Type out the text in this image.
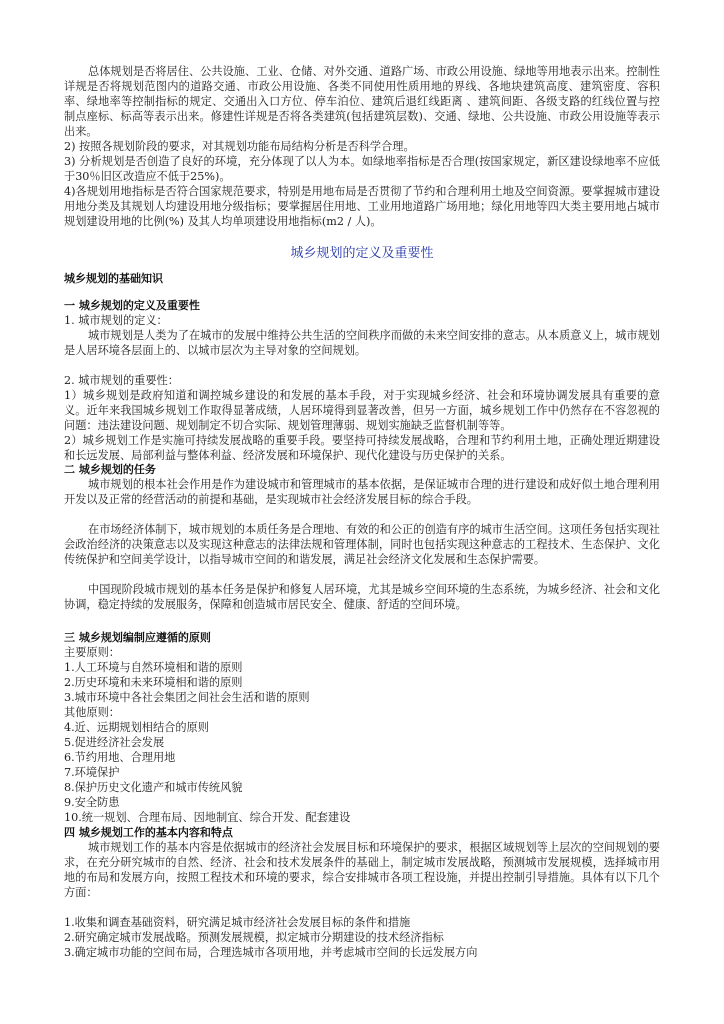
总体规划是否将居住、公共设施、工业、仓储、对外交通、道路广场、市政公用设施、绿地等用地表示出来。控制性详规是否将规划范图内的道路交通、市政公用设施、各类不同使用性质用地的界线、各地块建筑高度、建筑密度、容积率、绿地率等控制指标的规定、交通出入口方位、停车泊位、建筑后退红线距离 、建筑间距、各级支路的红线位置与控制点座标、标高等表示出来。修建性详规是否将各类建筑(包括建筑层数)、交通、绿地、公共设施、市政公用设施等表示出来。

2) 按照各规划阶段的要求，对其规划功能布局结构分析是否科学合理。

3) 分析规划是否创造了良好的环境，充分体现了以人为本。如绿地率指标是否合理(按国家规定，新区建设绿地率不应低于30％旧区改造应不低于25%)。

4)各规划用地指标是否符合国家规范要求，特别是用地布局是否贯彻了节约和合理利用土地及空间资源。要掌握城市建设用地分类及其规划人均建设用地分级指标；要掌握居住用地、工业用地道路广场用地；绿化用地等四大类主要用地占城市规划建设用地的比例(%) 及其人均单项建设用地指标(m2 / 人)。

城乡规划的定义及重要性

城乡规划的基础知识

一 城乡规划的定义及重要性

1. 城市规划的定义：

城市规划是人类为了在城市的发展中维持公共生活的空间秩序而做的未来空间安排的意志。从本质意义上，城市规划是人居环境各层面上的、以城市层次为主导对象的空间规划。

2. 城市规划的重要性：

1）城乡规划是政府知道和调控城乡建设的和发展的基本手段，对于实现城乡经济、社会和环境协调发展具有重要的意义。近年来我国城乡规划工作取得显著成绩，人居环境得到显著改善，但另一方面，城乡规划工作中仍然存在不容忽视的问题：违法建设问题、规划制定不切合实际、规划管理薄弱、规划实施缺乏监督机制等等。

2）城乡规划工作是实施可持续发展战略的重要手段。要坚持可持续发展战略，合理和节约利用土地，正确处理近期建设和长远发展、局部利益与整体利益、经济发展和环境保护、现代化建设与历史保护的关系。

二 城乡规划的任务

城市规划的根本社会作用是作为建设城市和管理城市的基本依据，是保证城市合理的进行建设和成好似土地合理利用开发以及正常的经营活动的前提和基础，是实现城市社会经济发展目标的综合手段。

在市场经济体制下，城市规划的本质任务是合理地、有效的和公正的创造有序的城市生活空间。这项任务包括实现社会政治经济的决策意志以及实现这种意志的法律法规和管理体制，同时也包括实现这种意志的工程技术、生态保护、文化传统保护和空间美学设计，以指导城市空间的和谐发展，满足社会经济文化发展和生态保护需要。

中国现阶段城市规划的基本任务是保护和修复人居环境，尤其是城乡空间环境的生态系统，为城乡经济、社会和文化协调，稳定持续的发展服务，保障和创造城市居民安全、健康、舒适的空间环境。

三 城乡规划编制应遵循的原则

主要原则：

1.人工环境与自然环境相和谐的原则

2.历史环境和未来环境相和谐的原则

3.城市环境中各社会集团之间社会生活和谐的原则

其他原则：

4.近、远期规划相结合的原则

5.促进经济社会发展

6.节约用地、合理用地

7.环境保护

8.保护历史文化遗产和城市传统风貌

9.安全防患

10.统一规划、合理布局、因地制宜、综合开发、配套建设

四 城乡规划工作的基本内容和特点

城市规划工作的基本内容是依据城市的经济社会发展目标和环境保护的要求，根据区域规划等上层次的空间规划的要求，在充分研究城市的自然、经济、社会和技术发展条件的基础上，制定城市发展战略，预测城市发展规模，选择城市用地的布局和发展方向，按照工程技术和环境的要求，综合安排城市各项工程设施，并提出控制引导措施。具体有以下几个方面：

1.收集和调查基础资料，研究满足城市经济社会发展目标的条件和措施

2.研究确定城市发展战略。预测发展规模，拟定城市分期建设的技术经济指标

3.确定城市功能的空间布局，合理选城市各项用地，并考虑城市空间的长远发展方向
